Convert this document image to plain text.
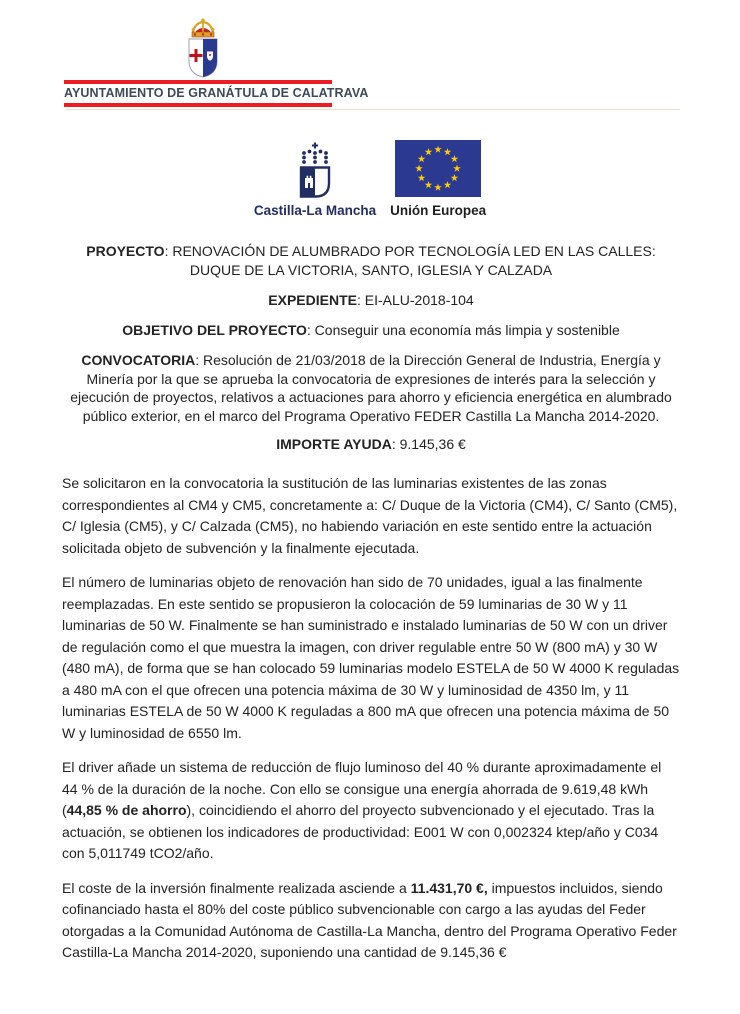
AYUNTAMIENTO DE GRANÁTULA DE CALATRAVA
Castilla-La Mancha Unión Europea

PROYECTO: RENOVACIÓN DE ALUMBRADO POR TECNOLOGÍA LED EN LAS CALLES: DUQUE DE LA VICTORIA, SANTO, IGLESIA Y CALZADA

EXPEDIENTE: EI-ALU-2018-104

OBJETIVO DEL PROYECTO: Conseguir una economía más limpia y sostenible

CONVOCATORIA: Resolución de 21/03/2018 de la Dirección General de Industria, Energía y Minería por la que se aprueba la convocatoria de expresiones de interés para la selección y ejecución de proyectos, relativos a actuaciones para ahorro y eficiencia energética en alumbrado público exterior, en el marco del Programa Operativo FEDER Castilla La Mancha 2014-2020.

IMPORTE AYUDA: 9.145,36 €

Se solicitaron en la convocatoria la sustitución de las luminarias existentes de las zonas correspondientes al CM4 y CM5, concretamente a: C/ Duque de la Victoria (CM4), C/ Santo (CM5), C/ Iglesia (CM5), y C/ Calzada (CM5), no habiendo variación en este sentido entre la actuación solicitada objeto de subvención y la finalmente ejecutada.

El número de luminarias objeto de renovación han sido de 70 unidades, igual a las finalmente reemplazadas. En este sentido se propusieron la colocación de 59 luminarias de 30 W y 11 luminarias de 50 W. Finalmente se han suministrado e instalado luminarias de 50 W con un driver de regulación como el que muestra la imagen, con driver regulable entre 50 W (800 mA) y 30 W (480 mA), de forma que se han colocado 59 luminarias modelo ESTELA de 50 W 4000 K reguladas a 480 mA con el que ofrecen una potencia máxima de 30 W y luminosidad de 4350 lm, y 11 luminarias ESTELA de 50 W 4000 K reguladas a 800 mA que ofrecen una potencia máxima de 50 W y luminosidad de 6550 lm.

El driver añade un sistema de reducción de flujo luminoso del 40 % durante aproximadamente el 44 % de la duración de la noche. Con ello se consigue una energía ahorrada de 9.619,48 kWh (44,85 % de ahorro), coincidiendo el ahorro del proyecto subvencionado y el ejecutado. Tras la actuación, se obtienen los indicadores de productividad: E001 W con 0,002324 ktep/año y C034 con 5,011749 tCO2/año.

El coste de la inversión finalmente realizada asciende a 11.431,70 €, impuestos incluidos, siendo cofinanciado hasta el 80% del coste público subvencionable con cargo a las ayudas del Feder otorgadas a la Comunidad Autónoma de Castilla-La Mancha, dentro del Programa Operativo Feder Castilla-La Mancha 2014-2020, suponiendo una cantidad de 9.145,36 €
